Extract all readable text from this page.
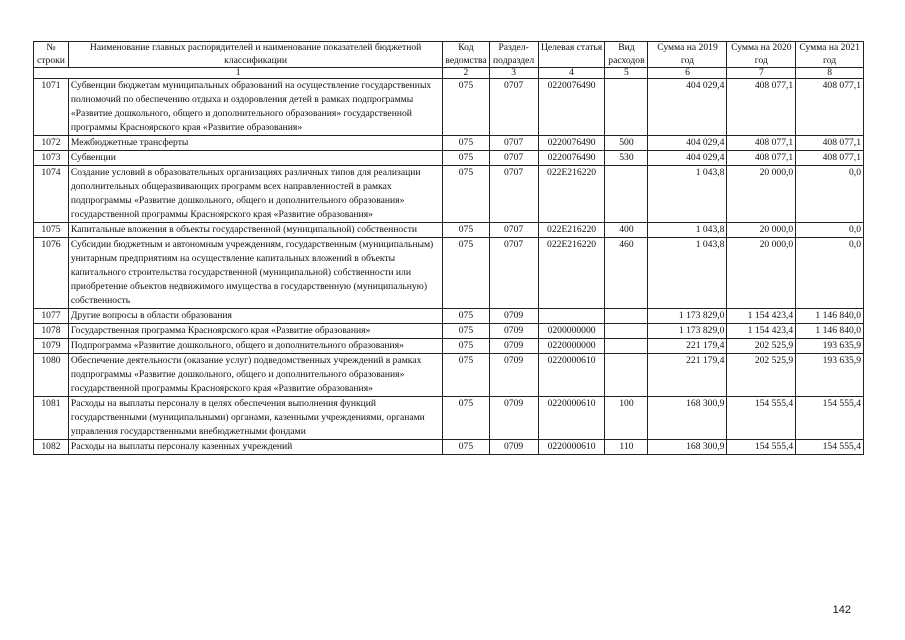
№ строки	Наименование главных распорядителей и наименование показателей бюджетной классификации	Код ведомства	Раздел- подраздел	Целевая статья	Вид расходов	Сумма на 2019 год	Сумма на 2020 год	Сумма на 2021 год
1		2	3	4	5	6	7	8
1071	Субвенции бюджетам муниципальных образований на осуществление государственных полномочий по обеспечению отдыха и оздоровления детей в рамках подпрограммы «Развитие дошкольного, общего и дополнительного образования» государственной программы Красноярского края «Развитие образования»	075	0707	0220076490		404 029,4	408 077,1	408 077,1
1072	Межбюджетные трансферты	075	0707	0220076490	500	404 029,4	408 077,1	408 077,1
1073	Субвенции	075	0707	0220076490	530	404 029,4	408 077,1	408 077,1
1074	Создание условий в образовательных организациях различных типов для реализации дополнительных общеразвивающих программ всех направленностей в рамках подпрограммы «Развитие дошкольного, общего и дополнительного образования» государственной программы Красноярского края «Развитие образования»	075	0707	022E216220		1 043,8	20 000,0	0,0
1075	Капитальные вложения в объекты государственной (муниципальной) собственности	075	0707	022E216220	400	1 043,8	20 000,0	0,0
1076	Субсидии бюджетным и автономным учреждениям, государственным (муниципальным) унитарным предприятиям на осуществление капитальных вложений в объекты капитального строительства государственной (муниципальной) собственности или приобретение объектов недвижимого имущества в государственную (муниципальную) собственность	075	0707	022E216220	460	1 043,8	20 000,0	0,0
1077	Другие вопросы в области образования	075	0709			1 173 829,0	1 154 423,4	1 146 840,0
1078	Государственная программа Красноярского края «Развитие образования»	075	0709	0200000000		1 173 829,0	1 154 423,4	1 146 840,0
1079	Подпрограмма «Развитие дошкольного, общего и дополнительного образования»	075	0709	0220000000		221 179,4	202 525,9	193 635,9
1080	Обеспечение деятельности (оказание услуг) подведомственных учреждений в рамках подпрограммы «Развитие дошкольного, общего и дополнительного образования» государственной программы Красноярского края «Развитие образования»	075	0709	0220000610		221 179,4	202 525,9	193 635,9
1081	Расходы на выплаты персоналу в целях обеспечения выполнения функций государственными (муниципальными) органами, казенными учреждениями, органами управления государственными внебюджетными фондами	075	0709	0220000610	100	168 300,9	154 555,4	154 555,4
1082	Расходы на выплаты персоналу казенных учреждений	075	0709	0220000610	110	168 300,9	154 555,4	154 555,4
142
